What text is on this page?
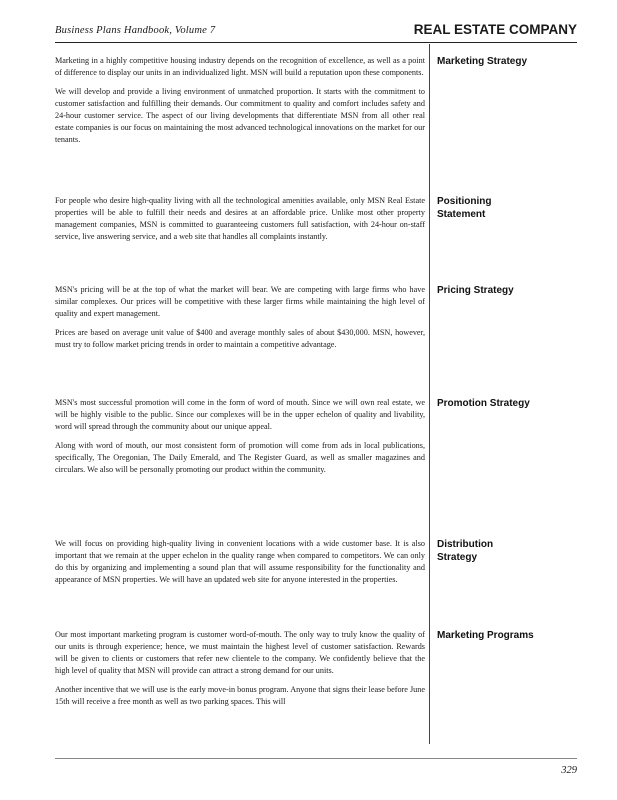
Business Plans Handbook, Volume 7	REAL ESTATE COMPANY

Marketing in a highly competitive housing industry depends on the recognition of excellence, as well as a point of difference to display our units in an individualized light. MSN will build a reputation upon these components.

We will develop and provide a living environment of unmatched proportion. It starts with the commitment to customer satisfaction and fulfilling their demands. Our commitment to quality and comfort includes safety and 24-hour customer service. The aspect of our living developments that differentiate MSN from all other real estate companies is our focus on maintaining the most advanced technological innovations on the market for our tenants.

Marketing Strategy

For people who desire high-quality living with all the technological amenities available, only MSN Real Estate properties will be able to fulfill their needs and desires at an affordable price. Unlike most other property management companies, MSN is committed to guaranteeing customers full satisfaction, with 24-hour on-staff service, live answering service, and a web site that handles all complaints instantly.

Positioning Statement

MSN's pricing will be at the top of what the market will bear. We are competing with large firms who have similar complexes. Our prices will be competitive with these larger firms while maintaining the high level of quality and expert management.

Prices are based on average unit value of $400 and average monthly sales of about $430,000. MSN, however, must try to follow market pricing trends in order to maintain a competitive advantage.

Pricing Strategy

MSN's most successful promotion will come in the form of word of mouth. Since we will own real estate, we will be highly visible to the public. Since our complexes will be in the upper echelon of quality and livability, word will spread through the community about our unique appeal.

Along with word of mouth, our most consistent form of promotion will come from ads in local publications, specifically, The Oregonian, The Daily Emerald, and The Register Guard, as well as smaller magazines and circulars. We also will be personally promoting our product within the community.

Promotion Strategy

We will focus on providing high-quality living in convenient locations with a wide customer base. It is also important that we remain at the upper echelon in the quality range when compared to competitors. We can only do this by organizing and implementing a sound plan that will assume responsibility for the functionality and appearance of MSN properties. We will have an updated web site for anyone interested in the properties.

Distribution Strategy

Our most important marketing program is customer word-of-mouth. The only way to truly know the quality of our units is through experience; hence, we must maintain the highest level of customer satisfaction. Rewards will be given to clients or customers that refer new clientele to the company. We confidently believe that the high level of quality that MSN will provide can attract a strong demand for our units.

Another incentive that we will use is the early move-in bonus program. Anyone that signs their lease before June 15th will receive a free month as well as two parking spaces. This will

Marketing Programs
329
